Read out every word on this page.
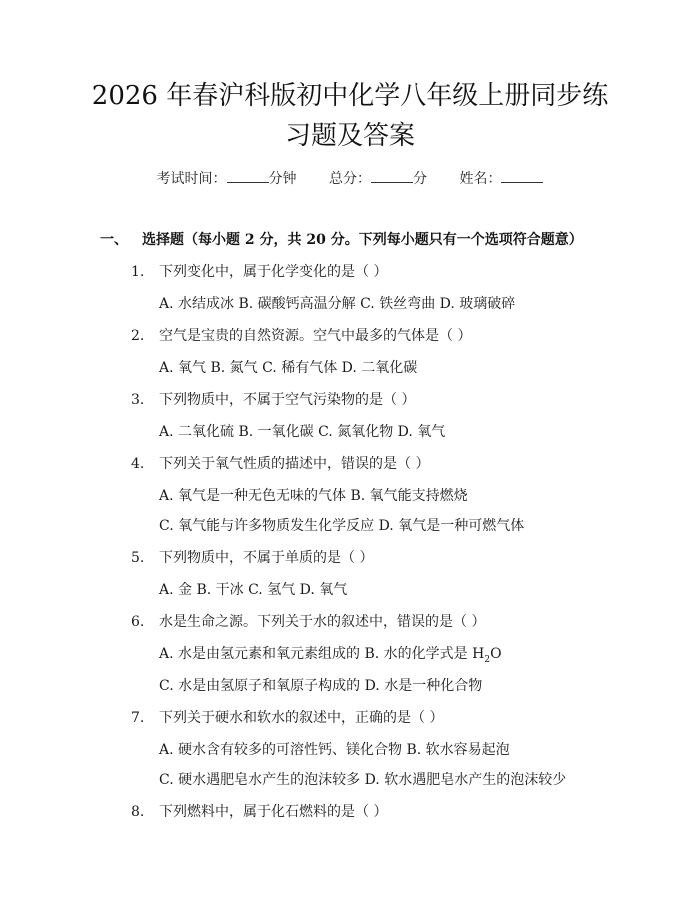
2026 年春沪科版初中化学八年级上册同步练
习题及答案
考试时间：	分钟 总分：	分 姓名：
一、 选择题（每小题 2 分，共 20 分。下列每小题只有一个选项符合题意）
1. 下列变化中，属于化学变化的是（ ）
A. 水结成冰 B. 碳酸钙高温分解 C. 铁丝弯曲 D. 玻璃破碎
2. 空气是宝贵的自然资源。空气中最多的气体是（ ）
A. 氧气 B. 氮气 C. 稀有气体 D. 二氧化碳
3. 下列物质中，不属于空气污染物的是（ ）
A. 二氧化硫 B. 一氧化碳 C. 氮氧化物 D. 氧气
4. 下列关于氧气性质的描述中，错误的是（ ）
A. 氧气是一种无色无味的气体 B. 氧气能支持燃烧
C. 氧气能与许多物质发生化学反应 D. 氧气是一种可燃气体
5. 下列物质中，不属于单质的是（ ）
A. 金 B. 干冰 C. 氢气 D. 氧气
6. 水是生命之源。下列关于水的叙述中，错误的是（ ）
A. 水是由氢元素和氧元素组成的 B. 水的化学式是 $H_2O$
C. 水是由氢原子和氧原子构成的 D. 水是一种化合物
7. 下列关于硬水和软水的叙述中，正确的是（ ）
A. 硬水含有较多的可溶性钙、镁化合物 B. 软水容易起泡
C. 硬水遇肥皂水产生的泡沫较多 D. 软水遇肥皂水产生的泡沫较少
8. 下列燃料中，属于化石燃料的是（ ）
